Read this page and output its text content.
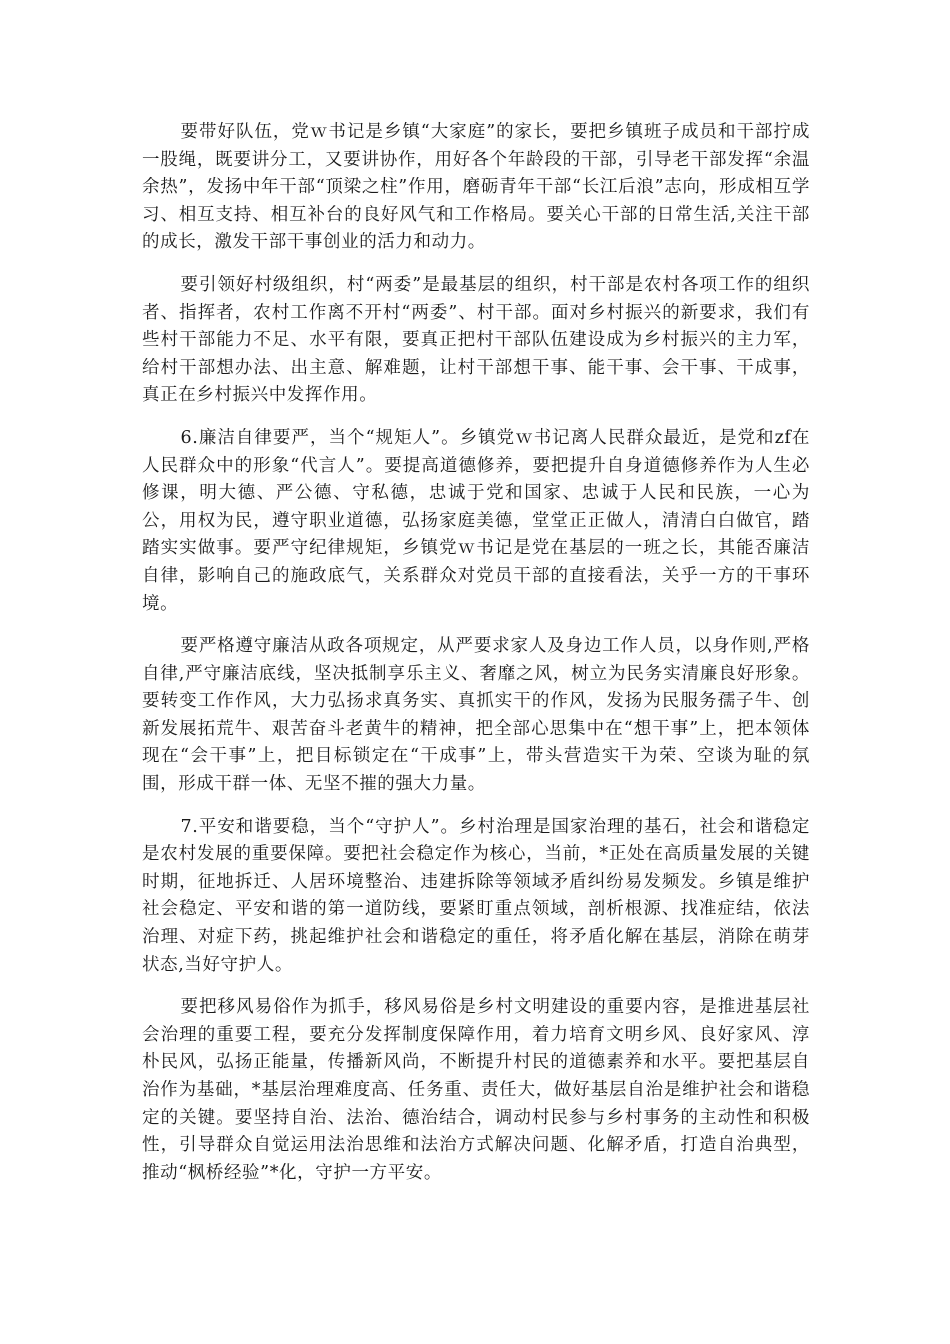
要带好队伍，党ｗ书记是乡镇“大家庭”的家长，要把乡镇班子成员和干部拧成一股绳，既要讲分工，又要讲协作，用好各个年龄段的干部，引导老干部发挥“余温余热”，发扬中年干部“顶梁之柱”作用，磨砺青年干部“长江后浪”志向，形成相互学习、相互支持、相互补台的良好风气和工作格局。要关心干部的日常生活,关注干部的成长，激发干部干事创业的活力和动力。

要引领好村级组织，村“两委”是最基层的组织，村干部是农村各项工作的组织者、指挥者，农村工作离不开村“两委”、村干部。面对乡村振兴的新要求，我们有些村干部能力不足、水平有限，要真正把村干部队伍建设成为乡村振兴的主力军，给村干部想办法、出主意、解难题，让村干部想干事、能干事、会干事、干成事，真正在乡村振兴中发挥作用。

6.廉洁自律要严，当个“规矩人”。乡镇党ｗ书记离人民群众最近，是党和zf在人民群众中的形象“代言人”。要提高道德修养，要把提升自身道德修养作为人生必修课，明大德、严公德、守私德，忠诚于党和国家、忠诚于人民和民族，一心为公，用权为民，遵守职业道德，弘扬家庭美德，堂堂正正做人，清清白白做官，踏踏实实做事。要严守纪律规矩，乡镇党ｗ书记是党在基层的一班之长，其能否廉洁自律，影响自己的施政底气，关系群众对党员干部的直接看法，关乎一方的干事环境。

要严格遵守廉洁从政各项规定，从严要求家人及身边工作人员，以身作则,严格自律,严守廉洁底线，坚决抵制享乐主义、奢靡之风，树立为民务实清廉良好形象。要转变工作作风，大力弘扬求真务实、真抓实干的作风，发扬为民服务孺子牛、创新发展拓荒牛、艰苦奋斗老黄牛的精神，把全部心思集中在“想干事”上，把本领体现在“会干事”上，把目标锁定在“干成事”上，带头营造实干为荣、空谈为耻的氛围，形成干群一体、无坚不摧的强大力量。

7.平安和谐要稳，当个“守护人”。乡村治理是国家治理的基石，社会和谐稳定是农村发展的重要保障。要把社会稳定作为核心，当前，*正处在高质量发展的关键时期，征地拆迁、人居环境整治、违建拆除等领域矛盾纠纷易发频发。乡镇是维护社会稳定、平安和谐的第一道防线，要紧盯重点领域，剖析根源、找准症结，依法治理、对症下药，挑起维护社会和谐稳定的重任，将矛盾化解在基层，消除在萌芽状态,当好守护人。

要把移风易俗作为抓手，移风易俗是乡村文明建设的重要内容，是推进基层社会治理的重要工程，要充分发挥制度保障作用，着力培育文明乡风、良好家风、淳朴民风，弘扬正能量，传播新风尚，不断提升村民的道德素养和水平。要把基层自治作为基础，*基层治理难度高、任务重、责任大，做好基层自治是维护社会和谐稳定的关键。要坚持自治、法治、德治结合，调动村民参与乡村事务的主动性和积极性，引导群众自觉运用法治思维和法治方式解决问题、化解矛盾，打造自治典型，推动“枫桥经验”*化，守护一方平安。
